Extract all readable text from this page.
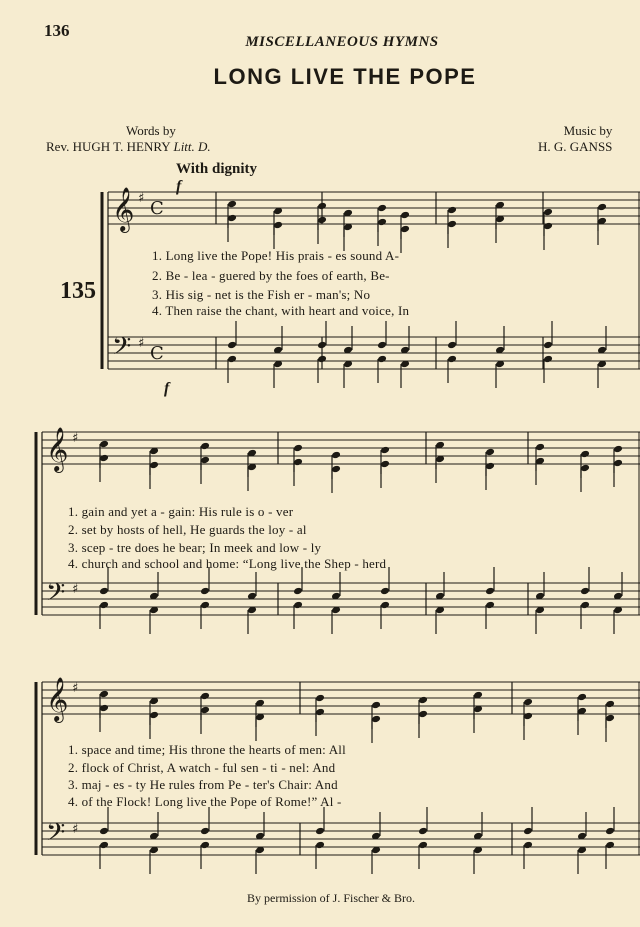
136
MISCELLANEOUS HYMNS
LONG LIVE THE POPE
Words by
Rev. HUGH T. HENRY Litt. D.
Music by
H. G. GANSS
With dignity
135
f
f
𝄞
𝄢
♯
♯
C
C
𝄞
𝄢
♯
♯
𝄞
𝄢
♯
♯
1. Long live the Pope! His prais - es sound A-
2. Be - lea - guered by the foes of earth, Be-
3. His sig - net is the Fish er - man's; No
4. Then raise the chant, with heart and voice, In
1. gain and yet a - gain: His rule is o - ver
2. set by hosts of hell, He guards the loy - al
3. scep - tre does he bear; In meek and low - ly
4. church and school and home: “Long live the Shep - herd
1. space and time; His throne the hearts of men: All
2. flock of Christ, A watch - ful sen - ti - nel: And
3. maj - es - ty He rules from Pe - ter's Chair: And
4. of the Flock! Long live the Pope of Rome!” Al -
By permission of J. Fischer & Bro.
